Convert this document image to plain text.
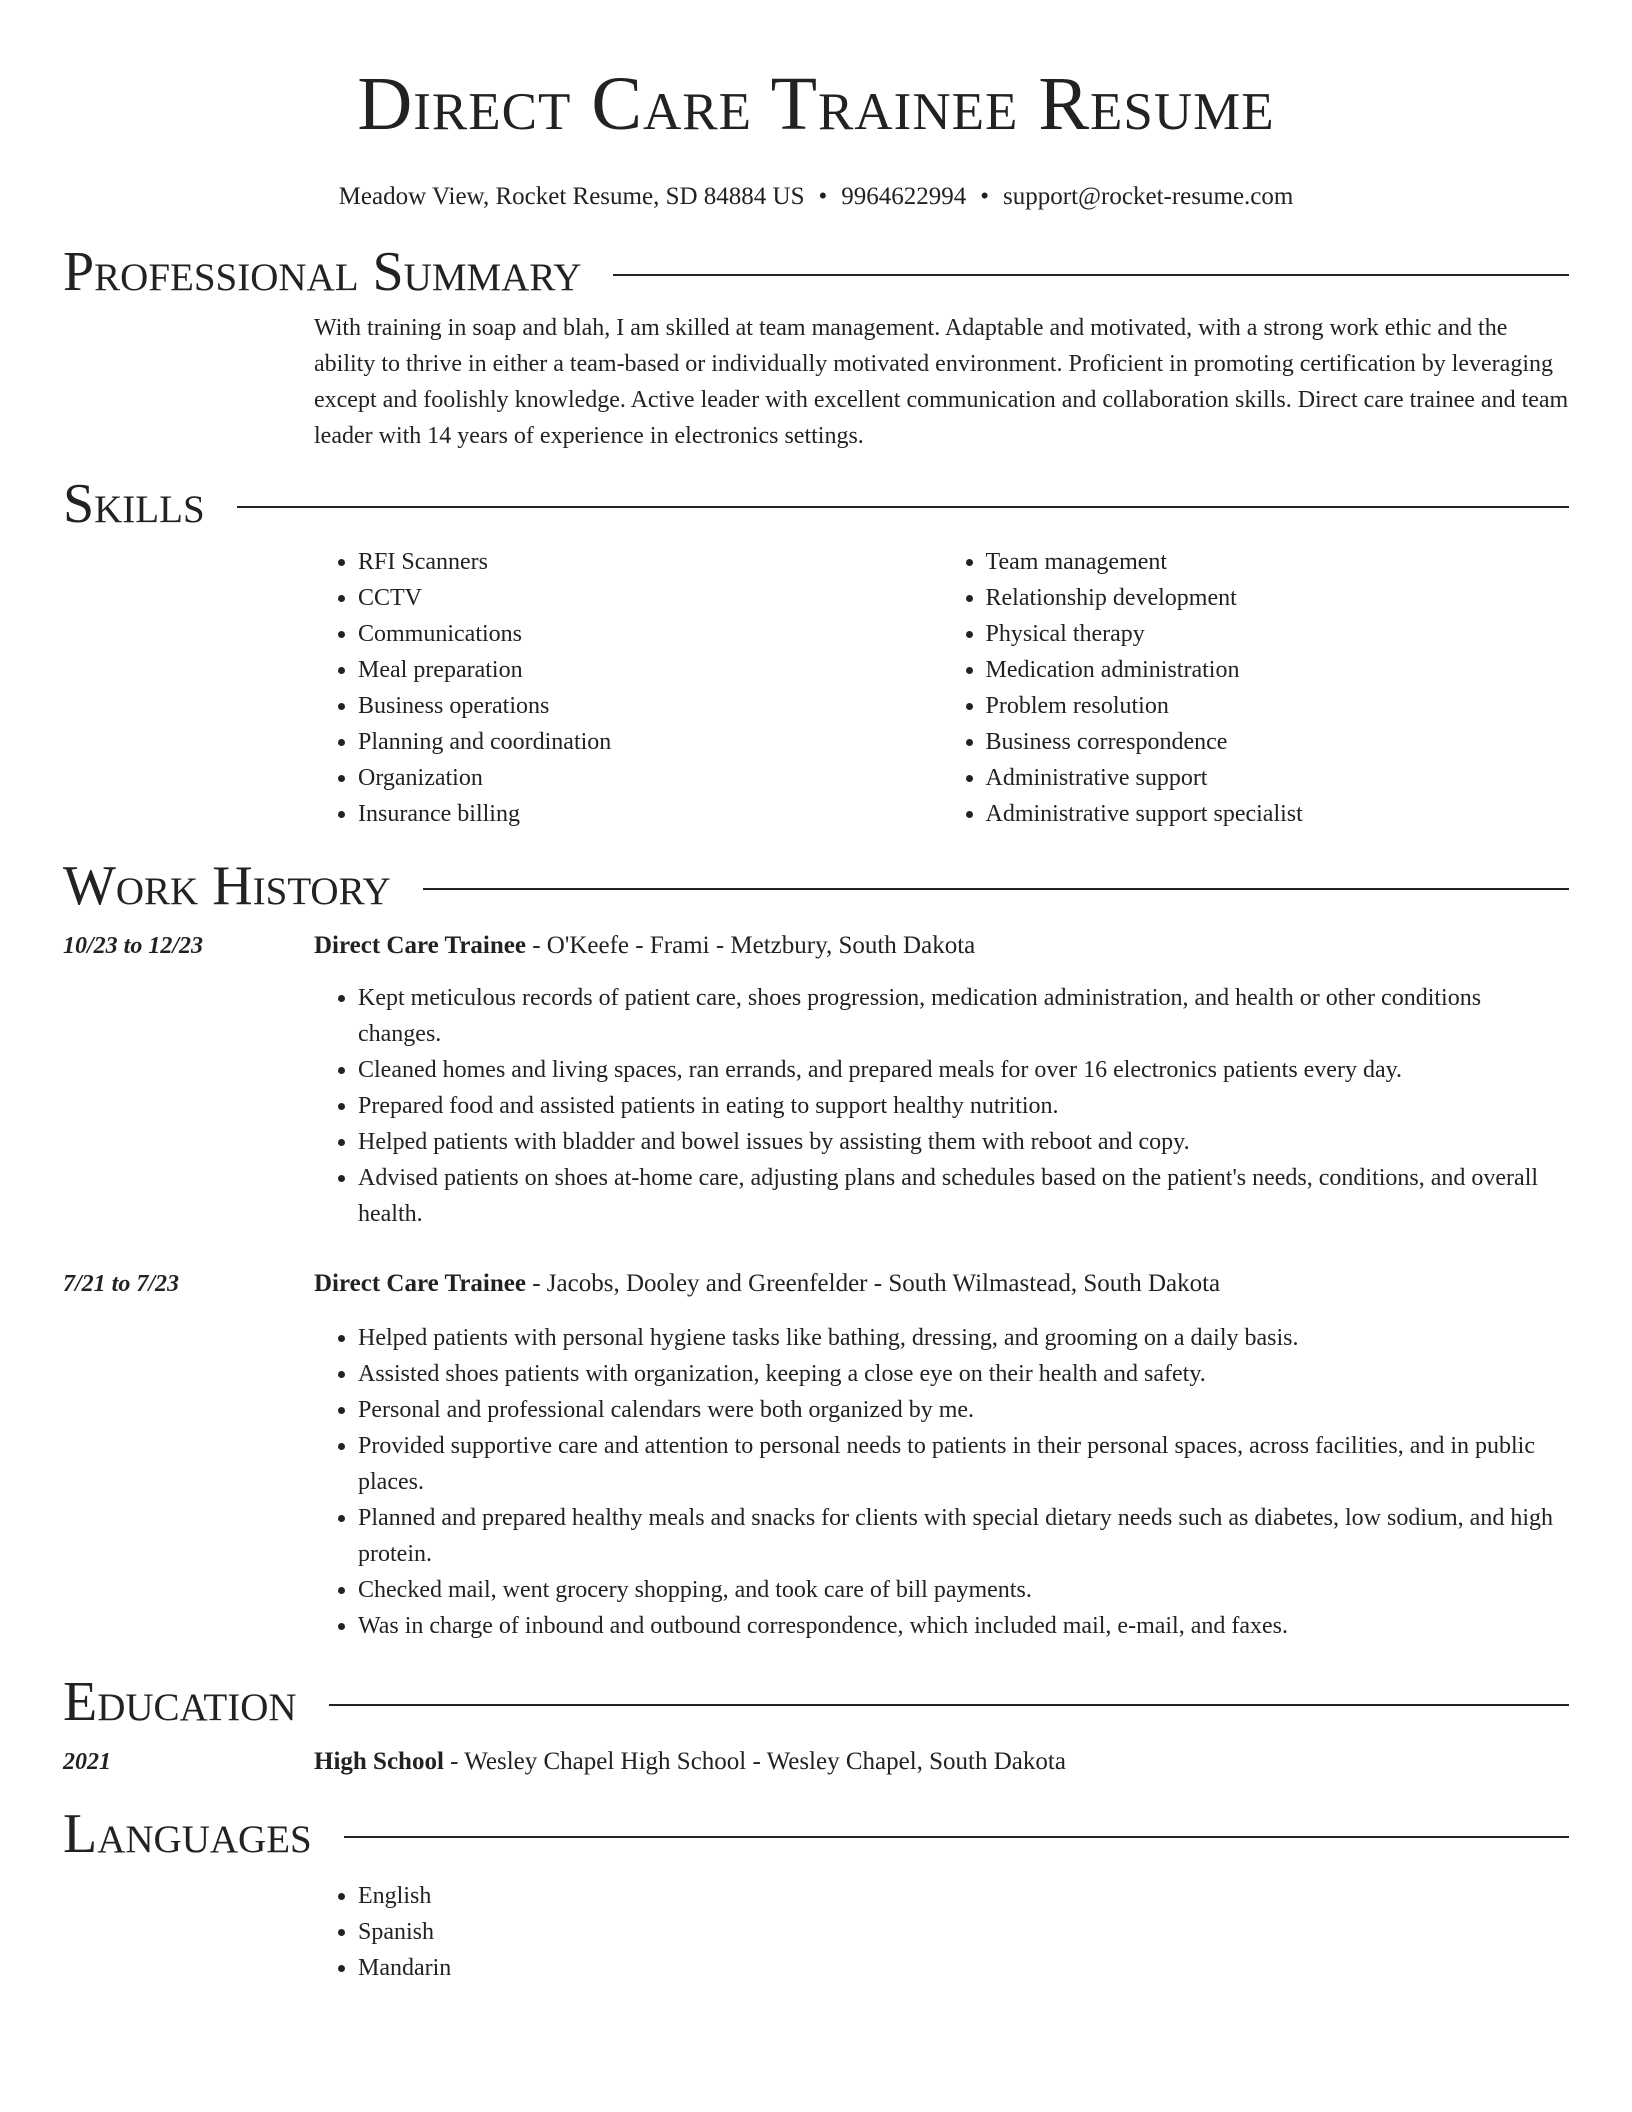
Direct Care Trainee Resume
Meadow View, Rocket Resume, SD 84884 US • 9964622994 • support@rocket-resume.com
Professional Summary
With training in soap and blah, I am skilled at team management. Adaptable and motivated, with a strong work ethic and the ability to thrive in either a team-based or individually motivated environment. Proficient in promoting certification by leveraging except and foolishly knowledge. Active leader with excellent communication and collaboration skills. Direct care trainee and team leader with 14 years of experience in electronics settings.
Skills
• RFI Scanners
• CCTV
• Communications
• Meal preparation
• Business operations
• Planning and coordination
• Organization
• Insurance billing
• Team management
• Relationship development
• Physical therapy
• Medication administration
• Problem resolution
• Business correspondence
• Administrative support
• Administrative support specialist
Work History
10/23 to 12/23	Direct Care Trainee - O'Keefe - Frami - Metzbury, South Dakota
• Kept meticulous records of patient care, shoes progression, medication administration, and health or other conditions changes.
• Cleaned homes and living spaces, ran errands, and prepared meals for over 16 electronics patients every day.
• Prepared food and assisted patients in eating to support healthy nutrition.
• Helped patients with bladder and bowel issues by assisting them with reboot and copy.
• Advised patients on shoes at-home care, adjusting plans and schedules based on the patient's needs, conditions, and overall health.
7/21 to 7/23	Direct Care Trainee - Jacobs, Dooley and Greenfelder - South Wilmastead, South Dakota
• Helped patients with personal hygiene tasks like bathing, dressing, and grooming on a daily basis.
• Assisted shoes patients with organization, keeping a close eye on their health and safety.
• Personal and professional calendars were both organized by me.
• Provided supportive care and attention to personal needs to patients in their personal spaces, across facilities, and in public places.
• Planned and prepared healthy meals and snacks for clients with special dietary needs such as diabetes, low sodium, and high protein.
• Checked mail, went grocery shopping, and took care of bill payments.
• Was in charge of inbound and outbound correspondence, which included mail, e-mail, and faxes.
Education
2021	High School - Wesley Chapel High School - Wesley Chapel, South Dakota
Languages
• English
• Spanish
• Mandarin
